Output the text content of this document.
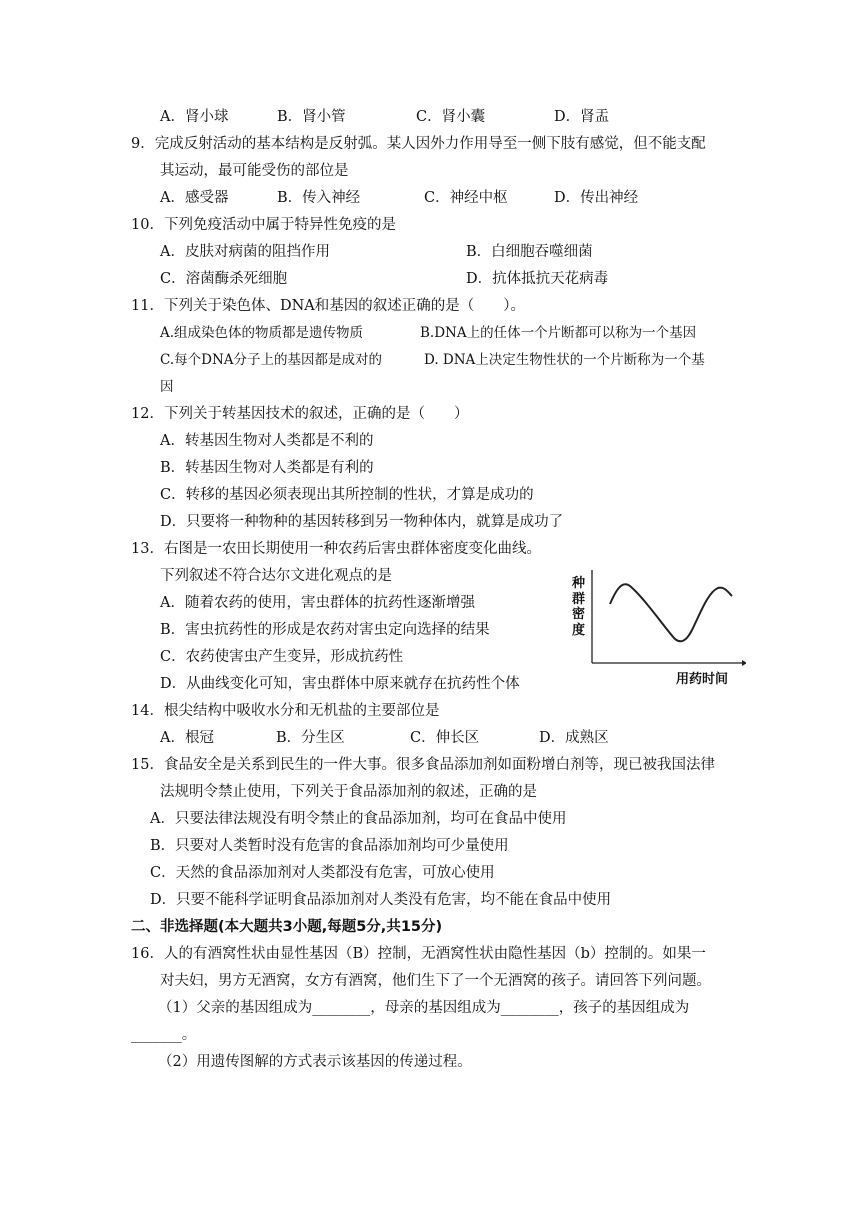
A．肾小球	B．肾小管	C．肾小囊	D．肾盂
9．完成反射活动的基本结构是反射弧。某人因外力作用导至一侧下肢有感觉，但不能支配
其运动，最可能受伤的部位是
A．感受器	B．传入神经	C．神经中枢	D．传出神经
10．下列免疫活动中属于特异性免疫的是
A．皮肤对病菌的阻挡作用	B．白细胞吞噬细菌
C．溶菌酶杀死细胞	D．抗体抵抗天花病毒
11．下列关于染色体、DNA和基因的叙述正确的是（　　）。
A.组成染色体的物质都是遗传物质	B.DNA上的任体一个片断都可以称为一个基因
C.每个DNA分子上的基因都是成对的	D. DNA上决定生物性状的一个片断称为一个基
因
12．下列关于转基因技术的叙述，正确的是（　　）
A．转基因生物对人类都是不利的
B．转基因生物对人类都是有利的
C．转移的基因必须表现出其所控制的性状，才算是成功的
D．只要将一种物种的基因转移到另一物种体内，就算是成功了
13．右图是一农田长期使用一种农药后害虫群体密度变化曲线。
下列叙述不符合达尔文进化观点的是
A．随着农药的使用，害虫群体的抗药性逐渐增强
B．害虫抗药性的形成是农药对害虫定向选择的结果
C．农药使害虫产生变异，形成抗药性
D．从曲线变化可知，害虫群体中原来就存在抗药性个体
种群密度
用药时间
14．根尖结构中吸收水分和无机盐的主要部位是
A．根冠	B．分生区	C．伸长区	D．成熟区
15．食品安全是关系到民生的一件大事。很多食品添加剂如面粉增白剂等，现已被我国法律
法规明令禁止使用，下列关于食品添加剂的叙述，正确的是
A．只要法律法规没有明令禁止的食品添加剂，均可在食品中使用
B．只要对人类暂时没有危害的食品添加剂均可少量使用
C．天然的食品添加剂对人类都没有危害，可放心使用
D．只要不能科学证明食品添加剂对人类没有危害，均不能在食品中使用
二、非选择题(本大题共3小题,每题5分,共15分)
16．人的有酒窝性状由显性基因（B）控制，无酒窝性状由隐性基因（b）控制的。如果一
对夫妇，男方无酒窝，女方有酒窝，他们生下了一个无酒窝的孩子。请回答下列问题。
（1）父亲的基因组成为________，母亲的基因组成为________，孩子的基因组成为
_______。
（2）用遗传图解的方式表示该基因的传递过程。
